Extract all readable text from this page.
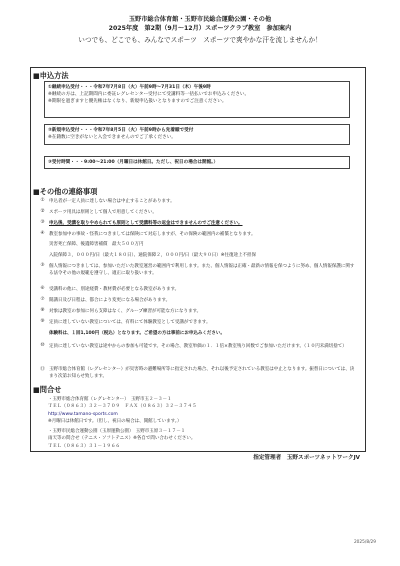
玉野市総合体育館・玉野市民総合運動公園・その他
2025年度　第2期（9月～12月）スポーツクラブ教室　参加案内
いつでも、どこでも、みんなでスポーツ　スポーツで爽やかな汗を流しませんか！
■申込方法
①継続申込受付・・・令和7年7月8日（火）午前9時～7月31日（木）午後9時
※継続の方は、上記期間内に委託レグレセンター受付にて受講料等一括払いでお申込みください。
※期限を過ぎますと優先権はなくなり、新規申込扱いとなりますのでご注意ください。
②新規申込受付・・・令和7年8月5日（火）午前9時から先着順で受付
※在籍数に空きがないと入会できませんのでご了承ください。
③受付時間・・・9:00～21:00（月曜日は休館日。ただし、祝日の場合は開館。）
■その他の連絡事項
① 申込者が一定人員に達しない場合は中止することがあります。
② スポーツ用具は原則として個人で用意してください。
③ 申込後、受講を取りやめられても原則として受講料等の返金はできませんのでご注意ください。
④ 教室参加中の事故・怪我につきましては保険にて対応しますが、その保険の範囲内の補償となります。
災害死亡保障、後遺障害補償　最大５００万円
入院保障３，０００円/日（最大１８０日）、通院保障２，０００円/日（最大９０日）※往復途上不担保
⑤ 個人情報につきましては、参加いただいた教室運営の範囲内で利用します。また、個人情報は正確・最新の情報を保つように努め、個人情報保護に関する法令その他の規範を遵守し、適正に取り扱います。
⑥ 受講料の他に、別途経費・教材費が必要となる教室があります。
⑦ 開講日及び日程は、都合により変更になる場合があります。
⑧ 対象は教室の参加に何ら支障はなく、グループ練習が可能な方になります。
⑨ 定員に達していない教室については、有料にて体験教室として受講ができます。
体験料は、１回1,100円（税込）となります。ご希望の方は事前にお申込みください。
⑩ 定員に達していない教室は途中からの参加も可能です。その場合、教室単価の１．１倍×教室残り回数でご参加いただけます。（１０円未満切捨て）
⑪ 玉野市総合体育館（レグレセンター）が災害時の避難場所等に指定された場合、それ以後予定されている教室は中止となります。振替日については、決まり次第お知らせ致します。
■問合せ
・玉野市総合体育館（レグレセンター）　玉野市玉２－３－１
ＴＥＬ（０８６３）３２－３７０９　ＦＡＸ（０８６３）３２－３７４５
http://www.tamano-sports.com
※月曜日は休館日です。（但し、祝日の場合は、開館しています。）
・玉野市民総合運動公園（玉原運動公園）　玉野市玉原３－１７－１
雨天等の問合せ（テニス・ソフトテニス）※各自で問い合わせください。
ＴＥＬ（０８６３）３１－１９６６
指定管理者　玉野スポーツネットワークJV
2025/8/29
